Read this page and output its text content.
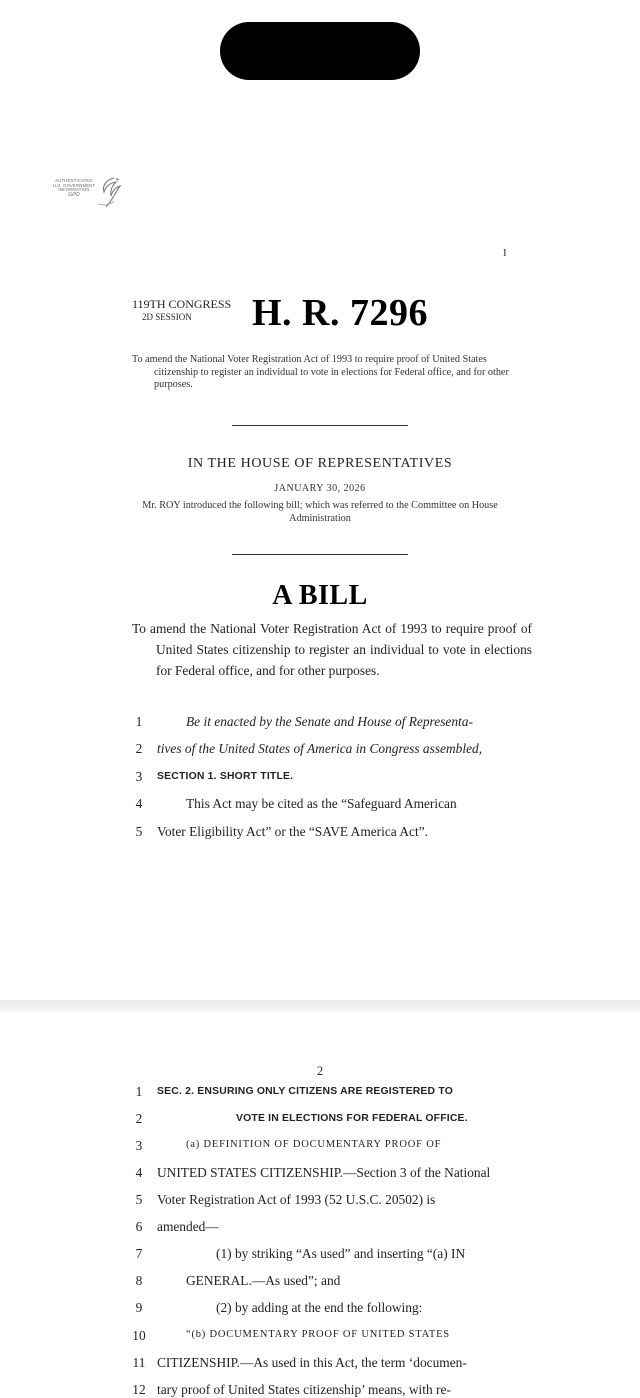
AUTHENTICATED
U.S. GOVERNMENT
INFORMATION
GPO
I
119TH CONGRESS
2D SESSION	H. R. 7296
To amend the National Voter Registration Act of 1993 to require proof of United States citizenship to register an individual to vote in elections for Federal office, and for other purposes.
IN THE HOUSE OF REPRESENTATIVES
JANUARY 30, 2026
Mr. ROY introduced the following bill; which was referred to the Committee on House Administration
A BILL
To amend the National Voter Registration Act of 1993 to require proof of United States citizenship to register an individual to vote in elections for Federal office, and for other purposes.
1	Be it enacted by the Senate and House of Representa-
2	tives of the United States of America in Congress assembled,
3	SECTION 1. SHORT TITLE.
4	This Act may be cited as the “Safeguard American
5	Voter Eligibility Act” or the “SAVE America Act”.
2
1	SEC. 2. ENSURING ONLY CITIZENS ARE REGISTERED TO
2	VOTE IN ELECTIONS FOR FEDERAL OFFICE.
3	(a) DEFINITION OF DOCUMENTARY PROOF OF
4	UNITED STATES CITIZENSHIP.—Section 3 of the National
5	Voter Registration Act of 1993 (52 U.S.C. 20502) is
6	amended—
7	(1) by striking “As used” and inserting “(a) IN
8	GENERAL.—As used”; and
9	(2) by adding at the end the following:
10	“(b) DOCUMENTARY PROOF OF UNITED STATES
11 CITIZENSHIP.—As used in this Act, the term ‘documen-
12 tary proof of United States citizenship’ means, with re-
